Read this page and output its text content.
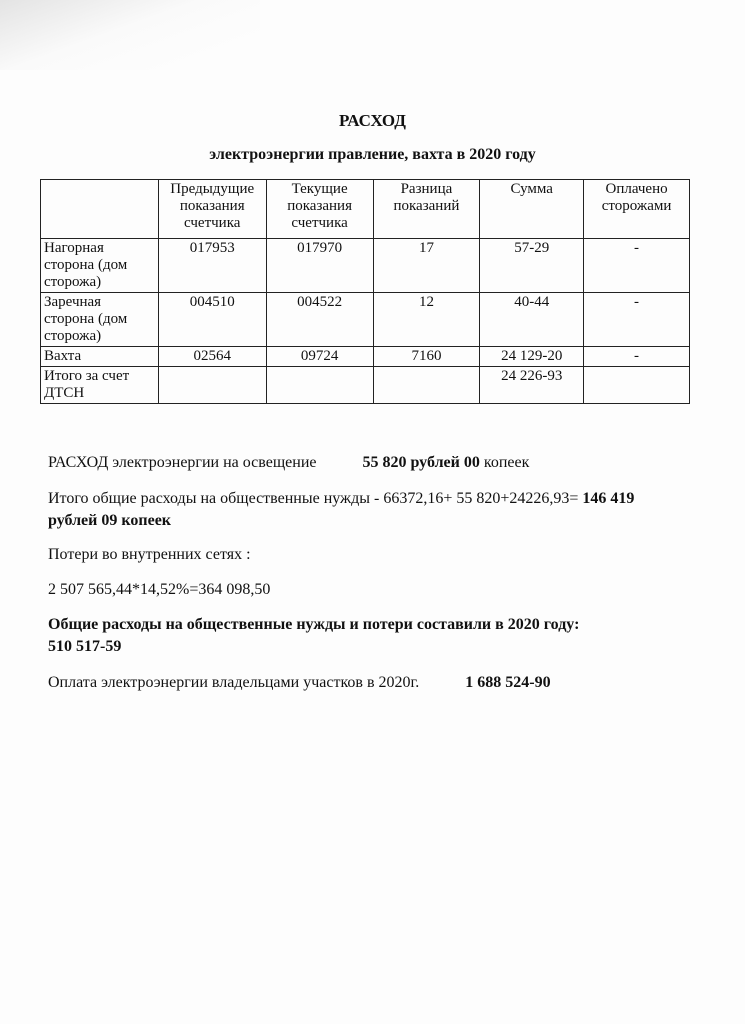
РАСХОД
электроэнергии правление, вахта в 2020 году
	Предыдущие показания счетчика	Текущие показания счетчика	Разница показаний	Сумма	Оплачено сторожами
Нагорная сторона (дом сторожа)	017953	017970	17	57-29	-
Заречная сторона (дом сторожа)	004510	004522	12	40-44	-
Вахта	02564	09724	7160	24 129-20	-
Итого за счет ДТСН				24 226-93	
РАСХОД электроэнергии на освещение	55 820 рублей 00 копеек
Итого общие расходы на общественные нужды - 66372,16+ 55 820+24226,93= 146 419
рублей 09 копеек
Потери во внутренних сетях :
2 507 565,44*14,52%=364 098,50
Общие расходы на общественные нужды и потери составили в 2020 году:
510 517-59
Оплата электроэнергии владельцами участков в 2020г.	1 688 524-90
